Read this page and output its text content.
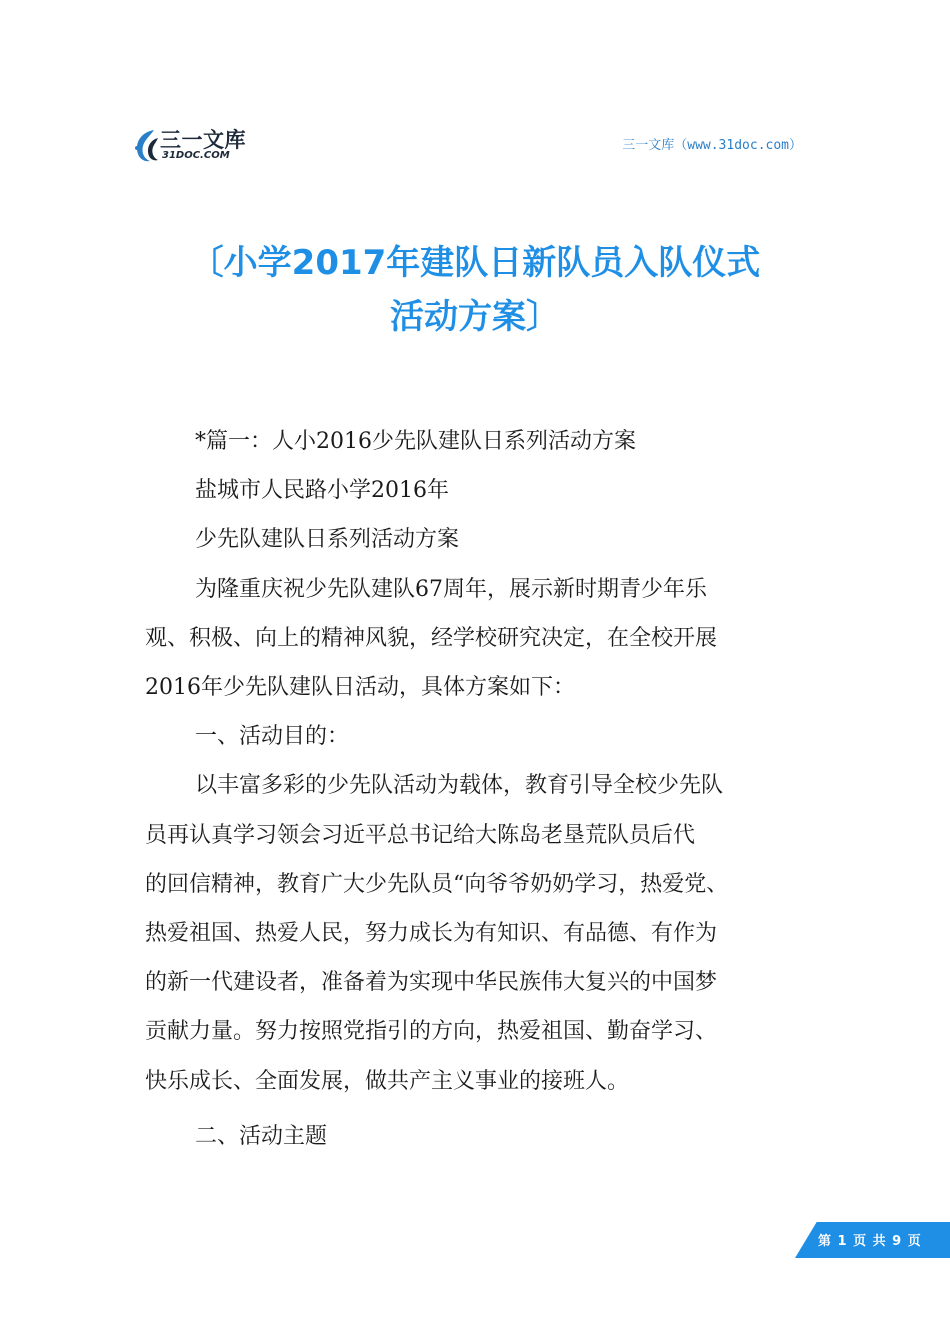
三一文库
31DOC.COM
三一文库（www.31doc.com）
〔小学2017年建队日新队员入队仪式
活动方案〕

*篇一：人小2016少先队建队日系列活动方案

盐城市人民路小学2016年

少先队建队日系列活动方案

为隆重庆祝少先队建队67周年，展示新时期青少年乐

观、积极、向上的精神风貌，经学校研究决定，在全校开展

2016年少先队建队日活动，具体方案如下：

一、活动目的：

以丰富多彩的少先队活动为载体，教育引导全校少先队

员再认真学习领会习近平总书记给大陈岛老垦荒队员后代

的回信精神，教育广大少先队员“向爷爷奶奶学习，热爱党、

热爱祖国、热爱人民，努力成长为有知识、有品德、有作为

的新一代建设者，准备着为实现中华民族伟大复兴的中国梦

贡献力量。努力按照党指引的方向，热爱祖国、勤奋学习、

快乐成长、全面发展，做共产主义事业的接班人。

二、活动主题

第 1 页 共 9 页
